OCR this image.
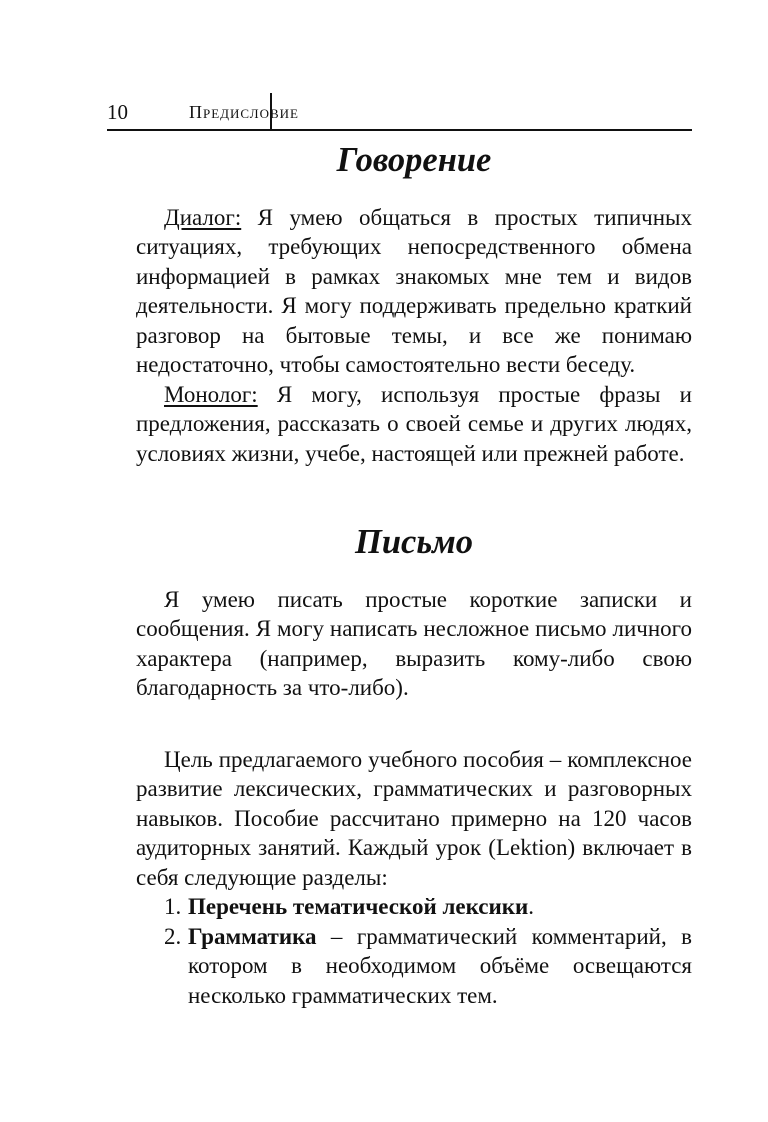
10	Предисловие
Говорение

Диалог: Я умею общаться в простых типичных ситуациях, требующих непосредственного обмена информацией в рамках знакомых мне тем и видов деятельности. Я могу поддерживать предельно краткий разговор на бытовые темы, и все же понимаю недостаточно, чтобы самостоятельно вести беседу.

Монолог: Я могу, используя простые фразы и предложения, рассказать о своей семье и других людях, условиях жизни, учебе, настоящей или прежней работе.

Письмо

Я умею писать простые короткие записки и сообщения. Я могу написать несложное письмо личного характера (например, выразить кому-либо свою благодарность за что-либо).

Цель предлагаемого учебного пособия – комплексное развитие лексических, грамматических и разговорных навыков. Пособие рассчитано примерно на 120 часов аудиторных занятий. Каждый урок (Lektion) включает в себя следующие разделы:

1. Перечень тематической лексики.
2. Грамматика – грамматический комментарий, в котором в необходимом объёме освещаются несколько грамматических тем.
